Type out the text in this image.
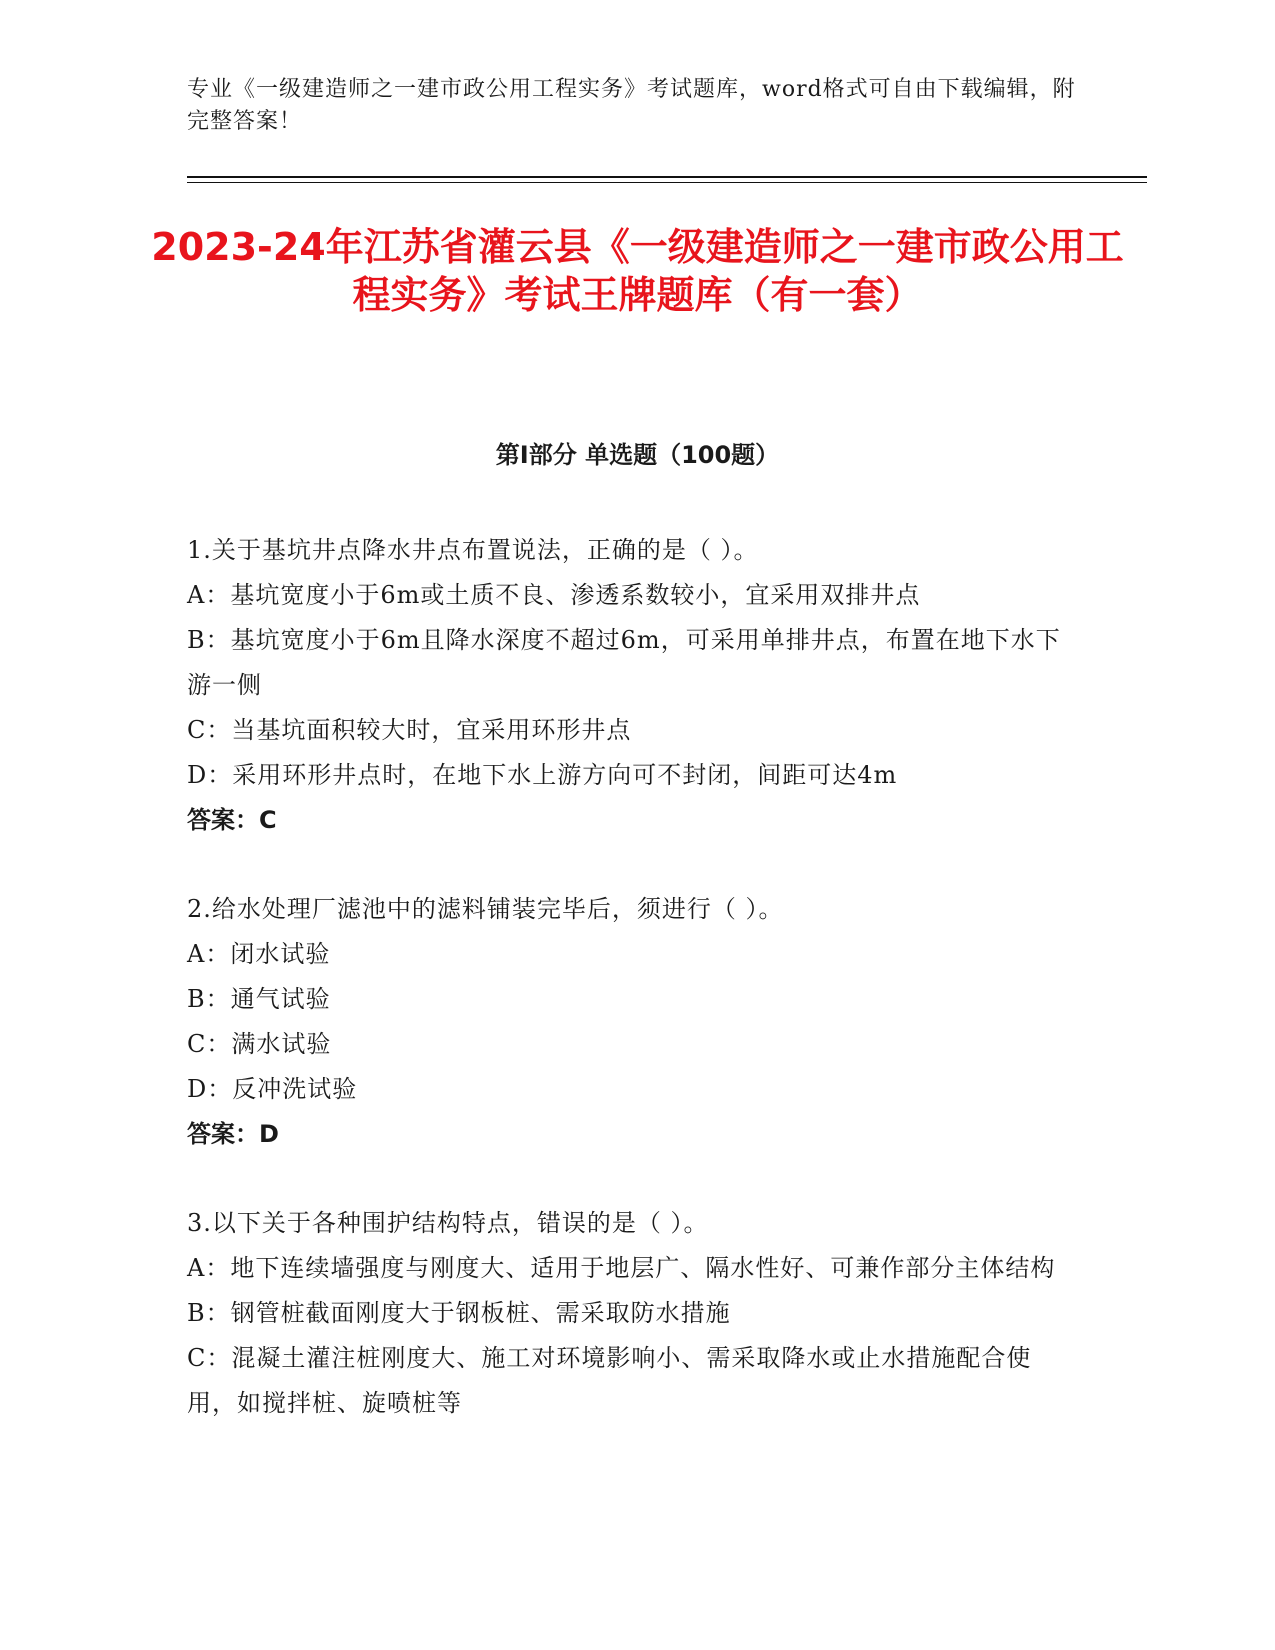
专业《一级建造师之一建市政公用工程实务》考试题库，word格式可自由下载编辑，附完整答案！
2023-24年江苏省灌云县《一级建造师之一建市政公用工程实务》考试王牌题库（有一套）
第Ⅰ部分 单选题（100题）
1.关于基坑井点降水井点布置说法，正确的是（ ）。
A：基坑宽度小于6m或土质不良、渗透系数较小，宜采用双排井点
B：基坑宽度小于6m且降水深度不超过6m，可采用单排井点，布置在地下水下游一侧
C：当基坑面积较大时，宜采用环形井点
D：采用环形井点时，在地下水上游方向可不封闭，间距可达4m
答案：C
2.给水处理厂滤池中的滤料铺装完毕后，须进行（ ）。
A：闭水试验
B：通气试验
C：满水试验
D：反冲洗试验
答案：D
3.以下关于各种围护结构特点，错误的是（ ）。
A：地下连续墙强度与刚度大、适用于地层广、隔水性好、可兼作部分主体结构
B：钢管桩截面刚度大于钢板桩、需采取防水措施
C：混凝土灌注桩刚度大、施工对环境影响小、需采取降水或止水措施配合使用，如搅拌桩、旋喷桩等
